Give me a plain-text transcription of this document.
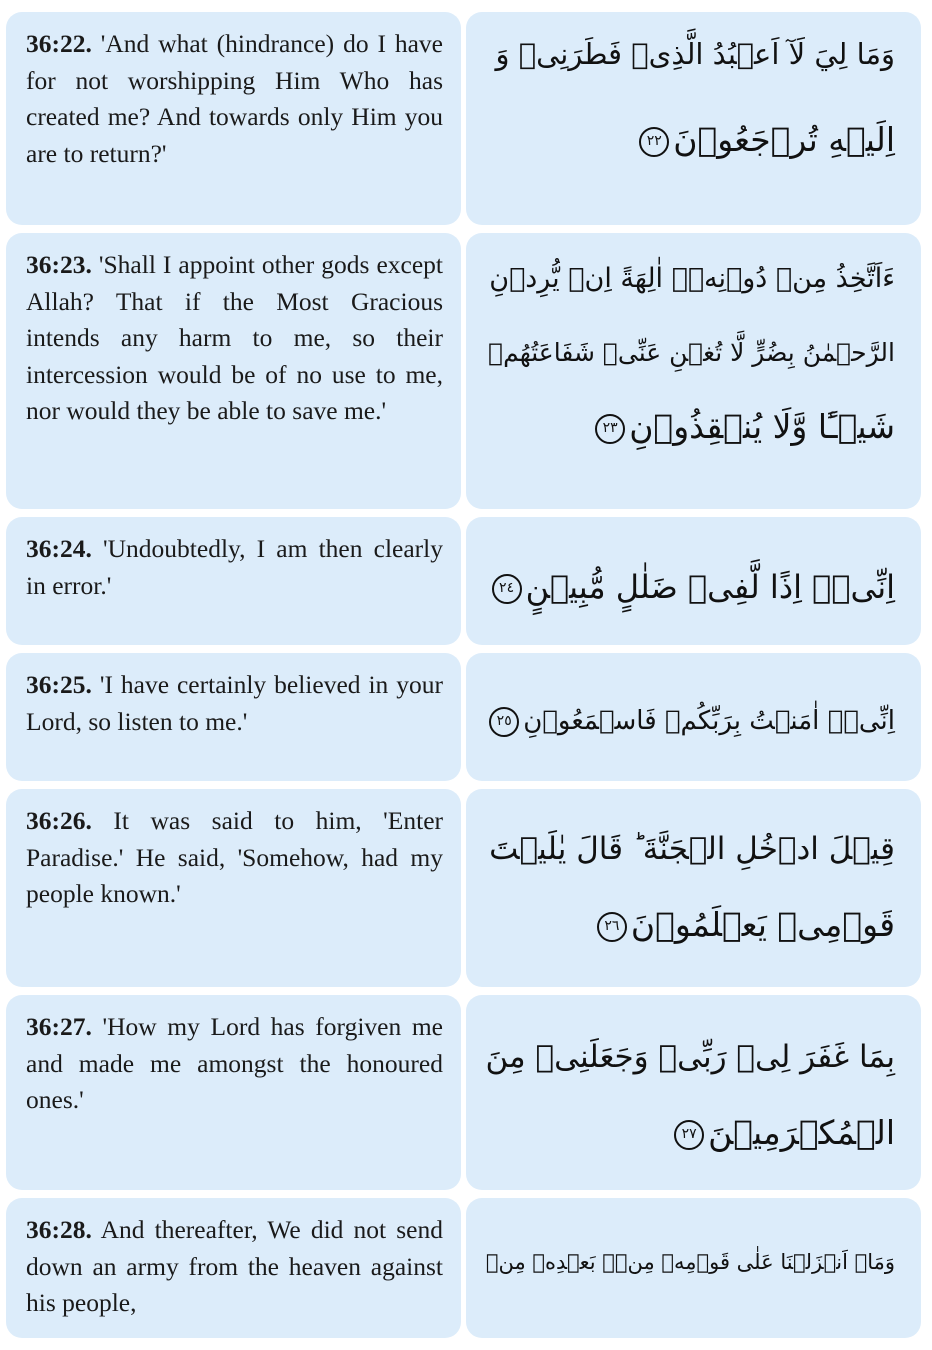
36:22. 'And what (hindrance) do I have for not worshipping Him Who has created me? And towards only Him you are to return?'
وَمَا لِيَ لَآ اَعۡبُدُ الَّذِیۡ فَطَرَنِیۡ وَ
اِلَیۡهِ تُرۡجَعُوۡنَ٢٢
36:23. 'Shall I appoint other gods except Allah? That if the Most Gracious intends any harm to me, so their intercession would be of no use to me, nor would they be able to save me.'
ءَاَتَّخِذُ مِنۡ دُوۡنِهٖۤ اٰلِهَةً اِنۡ یُّرِدۡنِ
الرَّحۡمٰنُ بِضُرٍّ لَّا تُغۡنِ عَنِّیۡ شَفَاعَتُهُمۡ
شَیۡـًٔا وَّلَا یُنۡقِذُوۡنِ٢٣
36:24. 'Undoubtedly, I am then clearly in error.'	اِنِّیۡۤ اِذًا لَّفِیۡ ضَلٰلٍ مُّبِیۡنٍ٢٤
36:25. 'I have certainly believed in your Lord, so listen to me.'	اِنِّیۡۤ اٰمَنۡتُ بِرَبِّكُمۡ فَاسۡمَعُوۡنِ٢٥
36:26. It was said to him, 'Enter Paradise.' He said, 'Somehow, had my people known.'
قِیۡلَ ادۡخُلِ الۡجَنَّةَ ؕ قَالَ یٰلَیۡتَ
قَوۡمِیۡ یَعۡلَمُوۡنَ٢٦
36:27. 'How my Lord has forgiven me and made me amongst the honoured ones.'
بِمَا غَفَرَ لِیۡ رَبِّیۡ وَجَعَلَنِیۡ مِنَ
الۡمُكۡرَمِیۡنَ٢٧
36:28. And thereafter, We did not send down an army from the heaven against his people,
وَمَاۤ اَنۡزَلۡنَا عَلٰى قَوۡمِهٖ مِنۡۢ بَعۡدِهٖ مِنۡ
